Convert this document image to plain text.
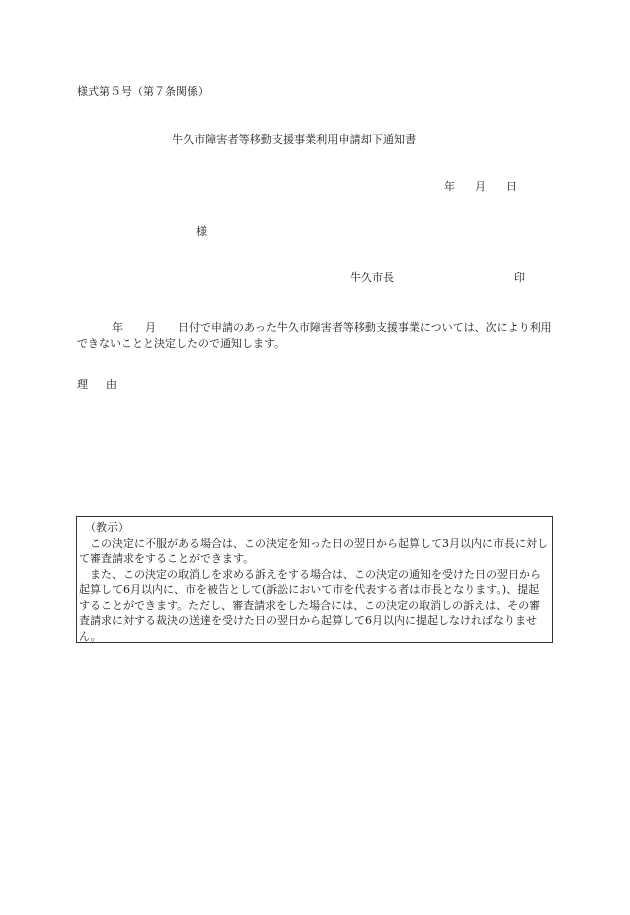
様式第５号（第７条関係）
牛久市障害者等移動支援事業利用申請却下通知書
年 月 日
様
牛久市長	印
年 月 日付で申請のあった牛久市障害者等移動支援事業については、次により利用できないことと決定したので通知します。
理 由

（教示）

この決定に不服がある場合は、この決定を知った日の翌日から起算して3月以内に市長に対して審査請求をすることができます。

また、この決定の取消しを求める訴えをする場合は、この決定の通知を受けた日の翌日から起算して6月以内に、市を被告として(訴訟において市を代表する者は市長となります。)、提起することができます。ただし、審査請求をした場合には、この決定の取消しの訴えは、その審査請求に対する裁決の送達を受けた日の翌日から起算して6月以内に提起しなければなりません。
